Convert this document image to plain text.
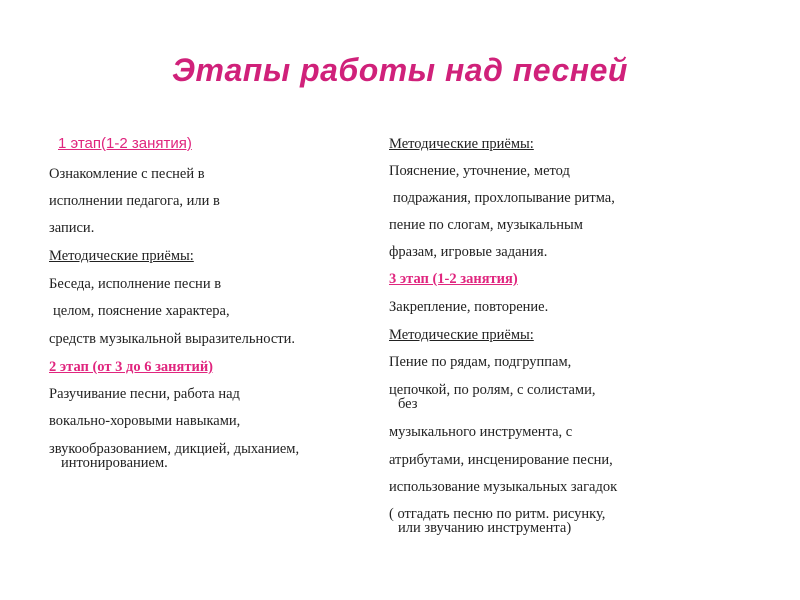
Этапы работы над песней
1 этап(1-2 занятия)
Ознакомление с песней в
исполнении педагога, или в
записи.
Методические приёмы:
Беседа, исполнение песни в
целом, пояснение характера,
средств музыкальной выразительности.
2 этап (от 3 до 6 занятий)
Разучивание песни, работа над
вокально-хоровыми навыками,
звукообразованием, дикцией, дыханием,
интонированием.
Методические приёмы:
Пояснение, уточнение, метод
подражания, прохлопывание ритма,
пение по слогам, музыкальным
фразам, игровые задания.
3 этап (1-2 занятия)
Закрепление, повторение.
Методические приёмы:
Пение по рядам, подгруппам,
цепочкой, по ролям, с солистами,
без
музыкального инструмента, с
атрибутами, инсценирование песни,
использование музыкальных загадок
( отгадать песню по ритм. рисунку,
или звучанию инструмента)
